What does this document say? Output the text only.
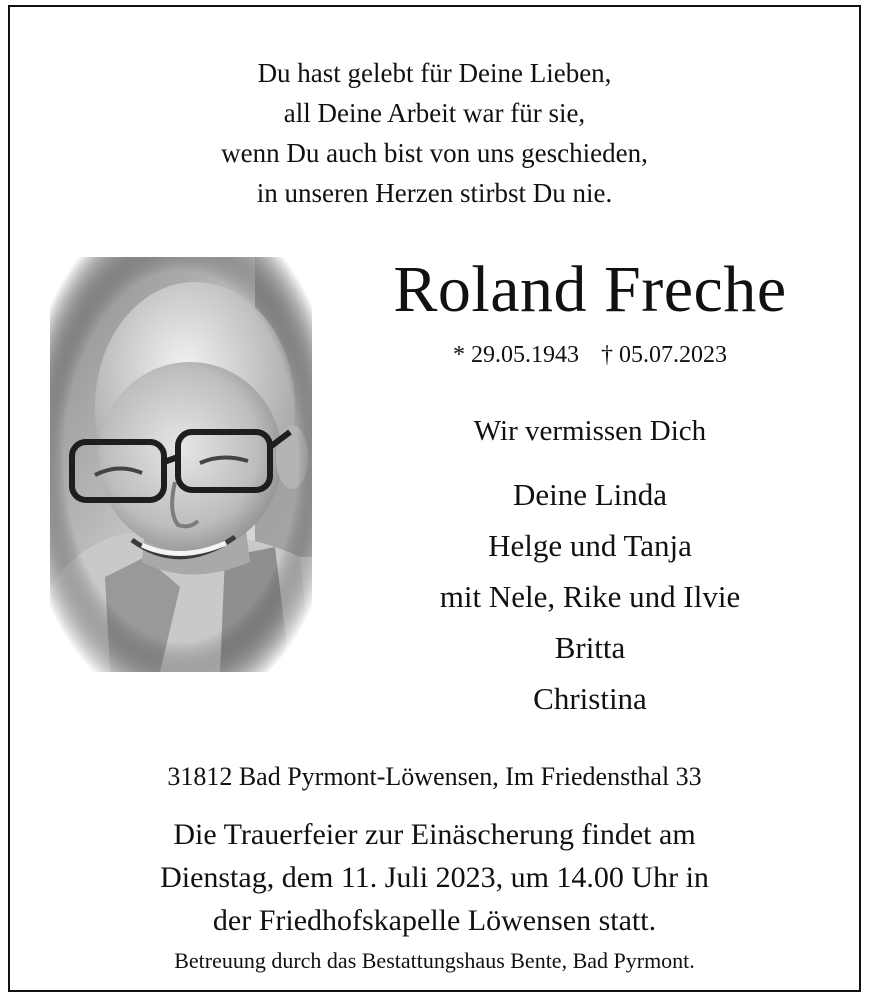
Du hast gelebt für Deine Lieben,
all Deine Arbeit war für sie,
wenn Du auch bist von uns geschieden,
in unseren Herzen stirbst Du nie.
Roland Freche
* 29.05.1943 † 05.07.2023
Wir vermissen Dich
Deine Linda
Helge und Tanja
mit Nele, Rike und Ilvie
Britta
Christina
31812 Bad Pyrmont-Löwensen, Im Friedensthal 33
Die Trauerfeier zur Einäscherung findet am
Dienstag, dem 11. Juli 2023, um 14.00 Uhr in
der Friedhofskapelle Löwensen statt.
Betreuung durch das Bestattungshaus Bente, Bad Pyrmont.
